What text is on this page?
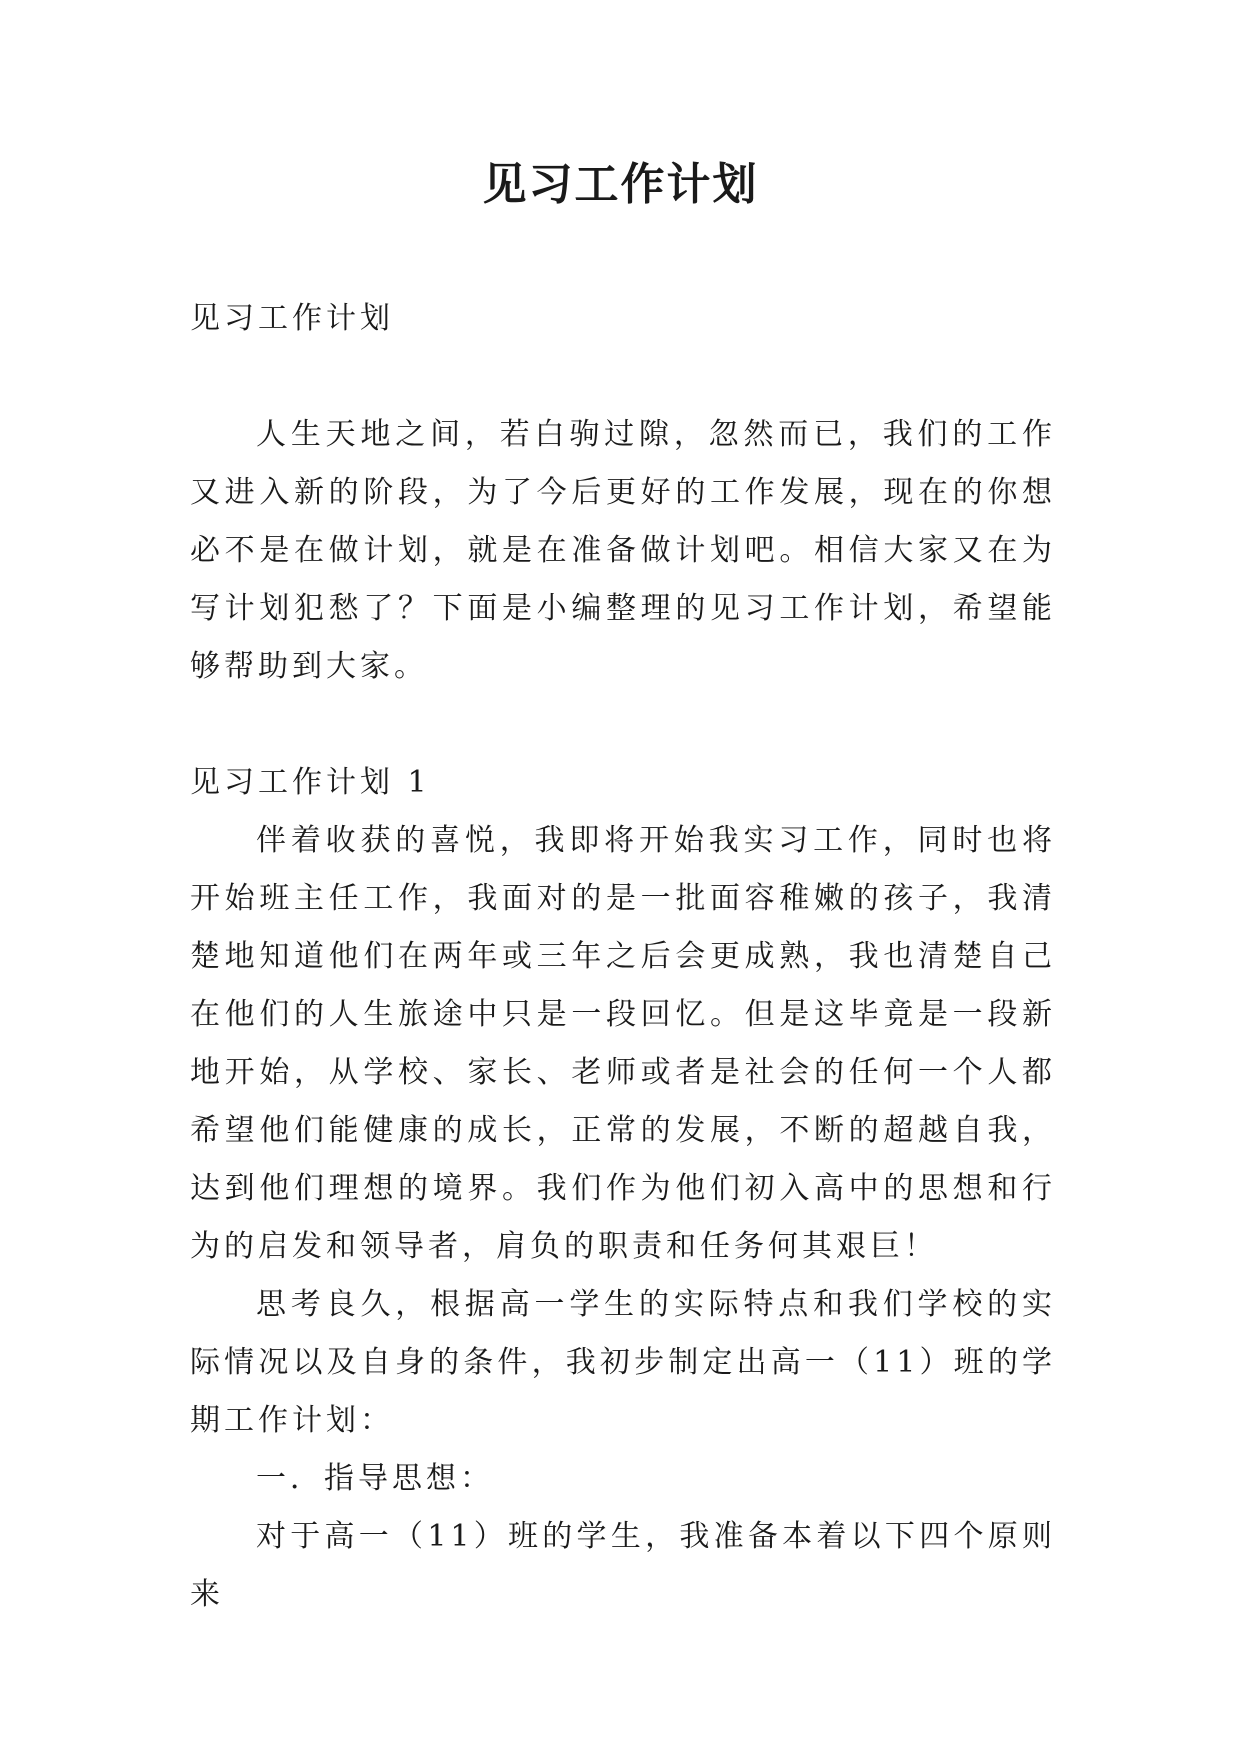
见习工作计划

见习工作计划

人生天地之间，若白驹过隙，忽然而已，我们的工作又进入新的阶段，为了今后更好的工作发展，现在的你想必不是在做计划，就是在准备做计划吧。相信大家又在为写计划犯愁了？下面是小编整理的见习工作计划，希望能够帮助到大家。

见习工作计划 1

伴着收获的喜悦，我即将开始我实习工作，同时也将开始班主任工作，我面对的是一批面容稚嫩的孩子，我清楚地知道他们在两年或三年之后会更成熟，我也清楚自己在他们的人生旅途中只是一段回忆。但是这毕竟是一段新地开始，从学校、家长、老师或者是社会的任何一个人都希望他们能健康的成长，正常的发展，不断的超越自我，达到他们理想的境界。我们作为他们初入高中的思想和行为的启发和领导者，肩负的职责和任务何其艰巨！

思考良久，根据高一学生的实际特点和我们学校的实际情况以及自身的条件，我初步制定出高一（11）班的学期工作计划：

一．指导思想：

对于高一（11）班的学生，我准备本着以下四个原则来
